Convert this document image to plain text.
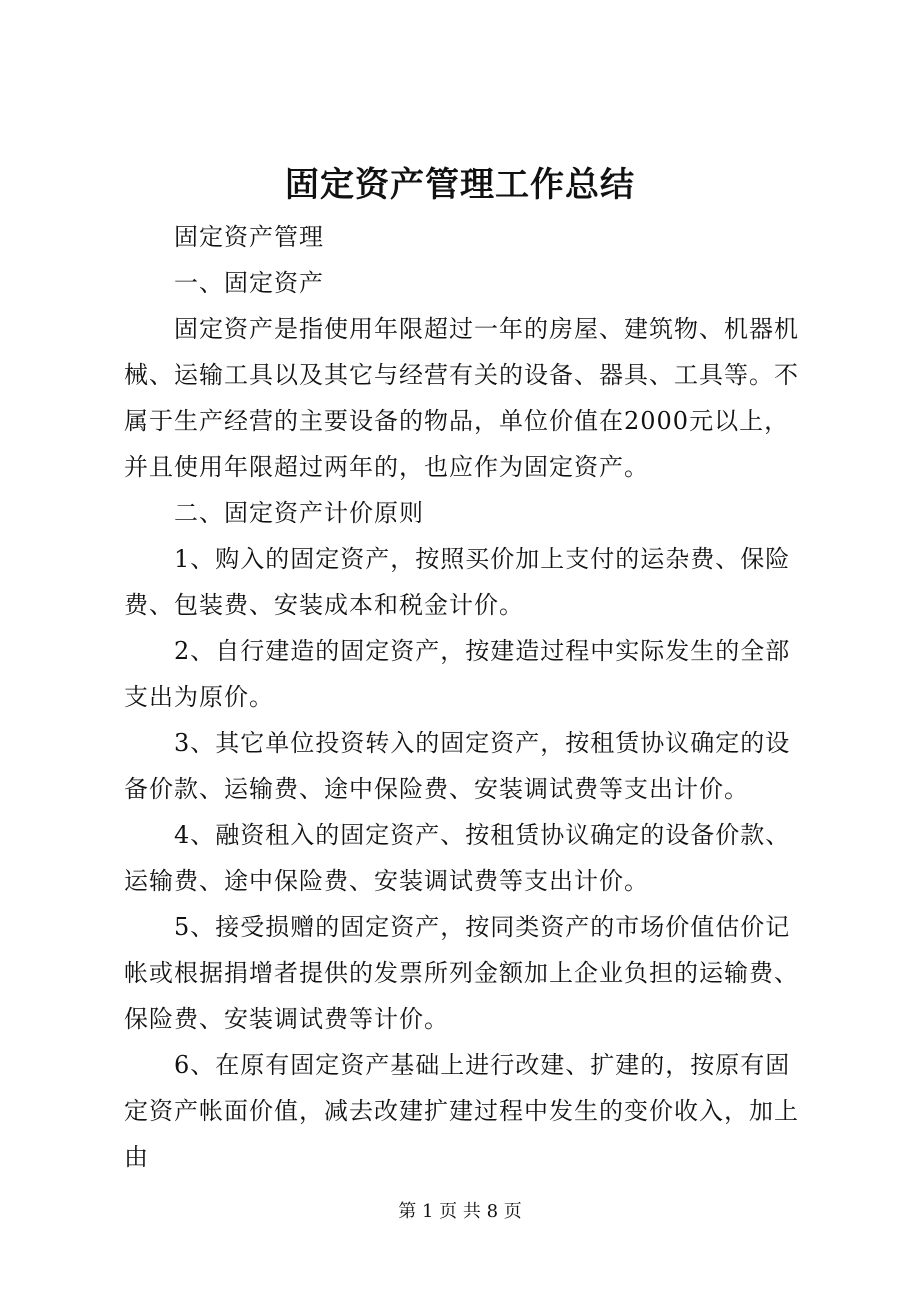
固定资产管理工作总结

固定资产管理

一、固定资产

固定资产是指使用年限超过一年的房屋、建筑物、机器机械、运输工具以及其它与经营有关的设备、器具、工具等。不属于生产经营的主要设备的物品，单位价值在2000元以上，并且使用年限超过两年的，也应作为固定资产。

二、固定资产计价原则

1、购入的固定资产，按照买价加上支付的运杂费、保险费、包装费、安装成本和税金计价。

2、自行建造的固定资产，按建造过程中实际发生的全部支出为原价。

3、其它单位投资转入的固定资产，按租赁协议确定的设备价款、运输费、途中保险费、安装调试费等支出计价。

4、融资租入的固定资产、按租赁协议确定的设备价款、运输费、途中保险费、安装调试费等支出计价。

5、接受损赠的固定资产，按同类资产的市场价值估价记帐或根据捐增者提供的发票所列金额加上企业负担的运输费、保险费、安装调试费等计价。

6、在原有固定资产基础上进行改建、扩建的，按原有固定资产帐面价值，减去改建扩建过程中发生的变价收入，加上由

第 1 页 共 8 页
